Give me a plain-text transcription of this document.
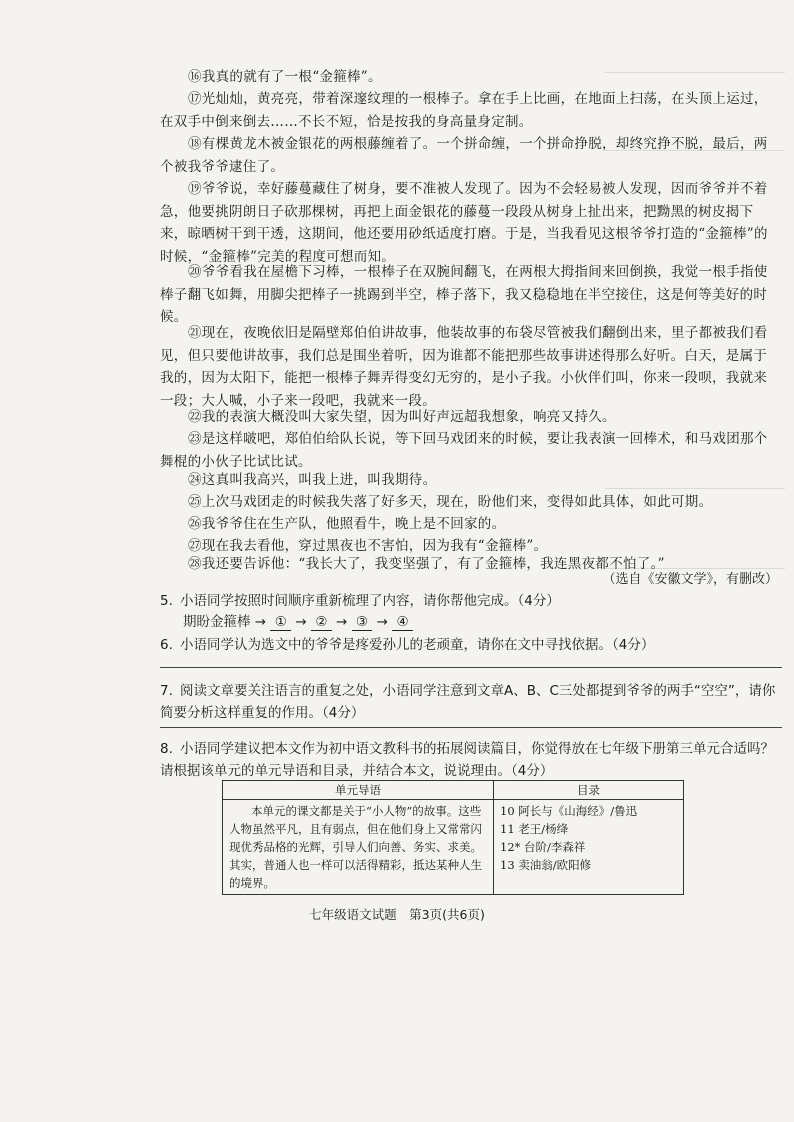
⑯我真的就有了一根“金箍棒”。

⑰光灿灿，黄亮亮，带着深邃纹理的一根棒子。拿在手上比画，在地面上扫荡，在头顶上运过，在双手中倒来倒去……不长不短，恰是按我的身高量身定制。

⑱有棵黄龙木被金银花的两根藤缠着了。一个拼命缠，一个拼命挣脱，却终究挣不脱，最后，两个被我爷爷逮住了。

⑲爷爷说，幸好藤蔓藏住了树身，要不准被人发现了。因为不会轻易被人发现，因而爷爷并不着急，他要挑阴朗日子砍那棵树，再把上面金银花的藤蔓一段段从树身上扯出来，把黝黑的树皮揭下来，晾晒树干到干透，这期间，他还要用砂纸适度打磨。于是，当我看见这根爷爷打造的“金箍棒”的时候，“金箍棒”完美的程度可想而知。

⑳爷爷看我在屋檐下习棒，一根棒子在双腕间翻飞，在两根大拇指间来回倒换，我觉一根手指使棒子翻飞如舞，用脚尖把棒子一挑踢到半空，棒子落下，我又稳稳地在半空接住，这是何等美好的时候。

㉑现在，夜晚依旧是隔壁郑伯伯讲故事，他装故事的布袋尽管被我们翻倒出来，里子都被我们看见，但只要他讲故事，我们总是围坐着听，因为谁都不能把那些故事讲述得那么好听。白天，是属于我的，因为太阳下，能把一根棒子舞弄得变幻无穷的，是小子我。小伙伴们叫，你来一段呗，我就来一段；大人喊，小子来一段吧，我就来一段。

㉒我的表演大概没叫大家失望，因为叫好声远超我想象，响亮又持久。

㉓是这样啵吧，郑伯伯给队长说，等下回马戏团来的时候，要让我表演一回棒术，和马戏团那个舞棍的小伙子比试比试。

㉔这真叫我高兴，叫我上进，叫我期待。

㉕上次马戏团走的时候我失落了好多天，现在，盼他们来，变得如此具体，如此可期。

㉖我爷爷住在生产队，他照看牛，晚上是不回家的。

㉗现在我去看他，穿过黑夜也不害怕，因为我有“金箍棒”。

㉘我还要告诉他：“我长大了，我变坚强了，有了金箍棒，我连黑夜都不怕了。”

（选自《安徽文学》，有删改）

5. 小语同学按照时间顺序重新梳理了内容，请你帮他完成。（4分）

期盼金箍棒 → ① → ② → ③ → ④

6. 小语同学认为选文中的爷爷是疼爱孙儿的老顽童，请你在文中寻找依据。（4分）

7. 阅读文章要关注语言的重复之处，小语同学注意到文章A、B、C三处都提到爷爷的两手“空空”，请你简要分析这样重复的作用。（4分）

8. 小语同学建议把本文作为初中语文教科书的拓展阅读篇目，你觉得放在七年级下册第三单元合适吗？请根据该单元的单元导语和目录，并结合本文，说说理由。（4分）

单元导语	目录
本单元的课文都是关于“小人物”的故事。这些人物虽然平凡，且有弱点，但在他们身上又常常闪现优秀品格的光辉，引导人们向善、务实、求美。其实，普通人也一样可以活得精彩，抵达某种人生的境界。	10 阿长与《山海经》/鲁迅
11 老王/杨绛
12* 台阶/李森祥
13 卖油翁/欧阳修
七年级语文试题　第3页(共6页)
